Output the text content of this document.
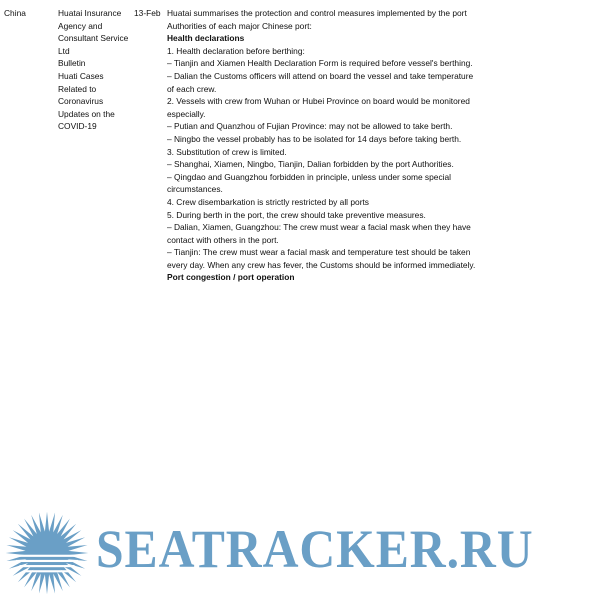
China	Huatai Insurance
Agency and
Consultant Service
Ltd
Bulletin
Huati Cases
Related to
Coronavirus
Updates on the
COVID-19
13-Feb Huatai summarises the protection and control measures implemented by the port

Authorities of each major Chinese port:

Health declarations

1. Health declaration before berthing:

– Tianjin and Xiamen Health Declaration Form is required before vessel's berthing.

– Dalian the Customs officers will attend on board the vessel and take temperature

of each crew.

2. Vessels with crew from Wuhan or Hubei Province on board would be monitored

especially.

– Putian and Quanzhou of Fujian Province: may not be allowed to take berth.

– Ningbo the vessel probably has to be isolated for 14 days before taking berth.

3. Substitution of crew is limited.

– Shanghai, Xiamen, Ningbo, Tianjin, Dalian forbidden by the port Authorities.

– Qingdao and Guangzhou forbidden in principle, unless under some special

circumstances.

4. Crew disembarkation is strictly restricted by all ports

5. During berth in the port, the crew should take preventive measures.

– Dalian, Xiamen, Guangzhou: The crew must wear a facial mask when they have

contact with others in the port.

– Tianjin: The crew must wear a facial mask and temperature test should be taken

every day. When any crew has fever, the Customs should be informed immediately.

Port congestion / port operation

SEATRACKER.RU
